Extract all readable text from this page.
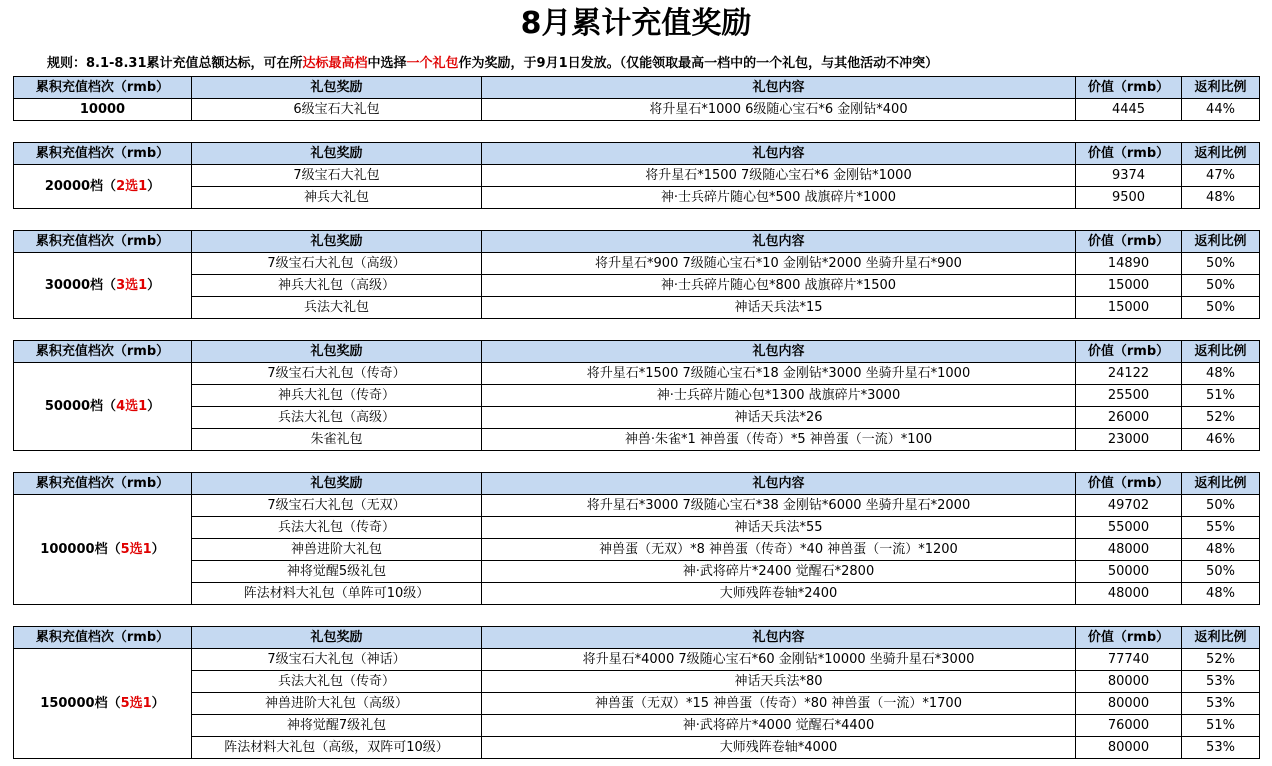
8月累计充值奖励
规则：8.1-8.31累计充值总额达标，可在所达标最高档中选择一个礼包作为奖励，于9月1日发放。（仅能领取最高一档中的一个礼包，与其他活动不冲突）
累积充值档次（rmb）	礼包奖励	礼包内容	价值（rmb）	返利比例
10000	6级宝石大礼包	将升星石*1000 6级随心宝石*6 金刚钻*400	4445	44%
累积充值档次（rmb）	礼包奖励	礼包内容	价值（rmb）	返利比例
20000档（2选1）	7级宝石大礼包	将升星石*1500 7级随心宝石*6 金刚钻*1000	9374	47%
	神兵大礼包	神·士兵碎片随心包*500 战旗碎片*1000	9500	48%
累积充值档次（rmb）	礼包奖励	礼包内容	价值（rmb）	返利比例
30000档（3选1）	7级宝石大礼包（高级）	将升星石*900 7级随心宝石*10 金刚钻*2000 坐骑升星石*900	14890	50%
	神兵大礼包（高级）	神·士兵碎片随心包*800 战旗碎片*1500	15000	50%
	兵法大礼包	神话天兵法*15	15000	50%
累积充值档次（rmb）	礼包奖励	礼包内容	价值（rmb）	返利比例
50000档（4选1）	7级宝石大礼包（传奇）	将升星石*1500 7级随心宝石*18 金刚钻*3000 坐骑升星石*1000	24122	48%
	神兵大礼包（传奇）	神·士兵碎片随心包*1300 战旗碎片*3000	25500	51%
	兵法大礼包（高级）	神话天兵法*26	26000	52%
	朱雀礼包	神兽·朱雀*1 神兽蛋（传奇）*5 神兽蛋（一流）*100	23000	46%
累积充值档次（rmb）	礼包奖励	礼包内容	价值（rmb）	返利比例
100000档（5选1）	7级宝石大礼包（无双）	将升星石*3000 7级随心宝石*38 金刚钻*6000 坐骑升星石*2000	49702	50%
	兵法大礼包（传奇）	神话天兵法*55	55000	55%
	神兽进阶大礼包	神兽蛋（无双）*8 神兽蛋（传奇）*40 神兽蛋（一流）*1200	48000	48%
	神将觉醒5级礼包	神·武将碎片*2400 觉醒石*2800	50000	50%
	阵法材料大礼包（单阵可10级）	大师残阵卷轴*2400	48000	48%
累积充值档次（rmb）	礼包奖励	礼包内容	价值（rmb）	返利比例
150000档（5选1）	7级宝石大礼包（神话）	将升星石*4000 7级随心宝石*60 金刚钻*10000 坐骑升星石*3000	77740	52%
	兵法大礼包（传奇）	神话天兵法*80	80000	53%
	神兽进阶大礼包（高级）	神兽蛋（无双）*15 神兽蛋（传奇）*80 神兽蛋（一流）*1700	80000	53%
	神将觉醒7级礼包	神·武将碎片*4000 觉醒石*4400	76000	51%
	阵法材料大礼包（高级，双阵可10级）	大师残阵卷轴*4000	80000	53%
